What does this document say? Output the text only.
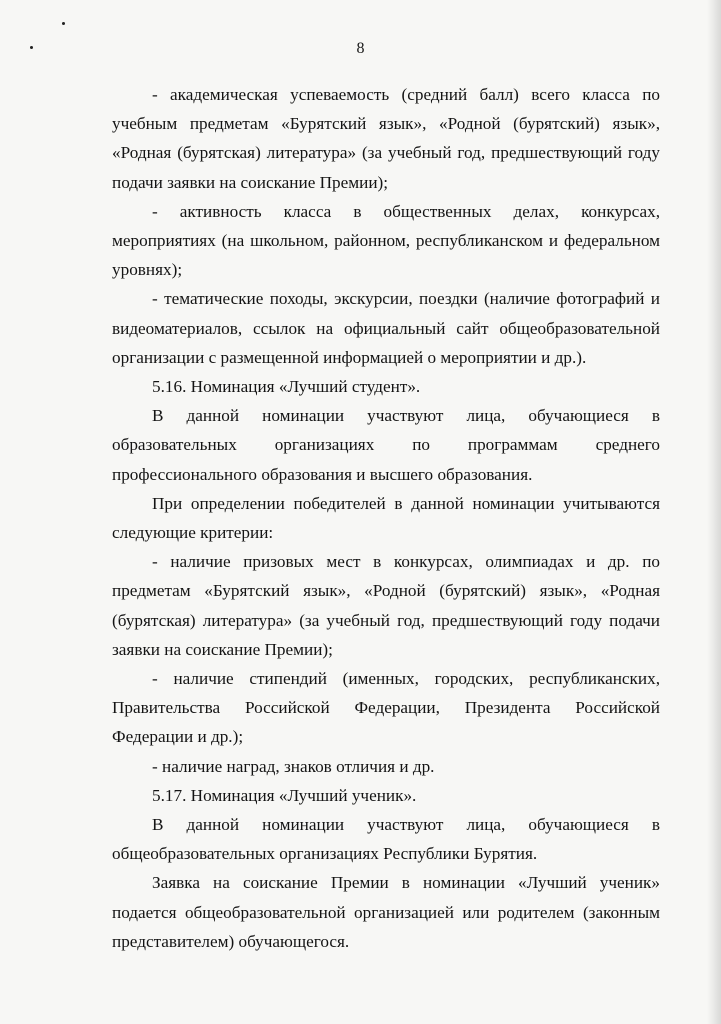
8

- академическая успеваемость (средний балл) всего класса по учебным предметам «Бурятский язык», «Родной (бурятский) язык», «Родная (бурятская) литература» (за учебный год, предшествующий году подачи заявки на соискание Премии);

- активность класса в общественных делах, конкурсах, мероприятиях (на школьном, районном, республиканском и федеральном уровнях);

- тематические походы, экскурсии, поездки (наличие фотографий и видеоматериалов, ссылок на официальный сайт общеобразовательной организации с размещенной информацией о мероприятии и др.).

5.16. Номинация «Лучший студент».

В данной номинации участвуют лица, обучающиеся в образовательных организациях по программам среднего профессионального образования и высшего образования.

При определении победителей в данной номинации учитываются следующие критерии:

- наличие призовых мест в конкурсах, олимпиадах и др. по предметам «Бурятский язык», «Родной (бурятский) язык», «Родная (бурятская) литература» (за учебный год, предшествующий году подачи заявки на соискание Премии);

- наличие стипендий (именных, городских, республиканских, Правительства Российской Федерации, Президента Российской Федерации и др.);

- наличие наград, знаков отличия и др.

5.17. Номинация «Лучший ученик».

В данной номинации участвуют лица, обучающиеся в общеобразовательных организациях Республики Бурятия.

Заявка на соискание Премии в номинации «Лучший ученик» подается общеобразовательной организацией или родителем (законным представителем) обучающегося.
